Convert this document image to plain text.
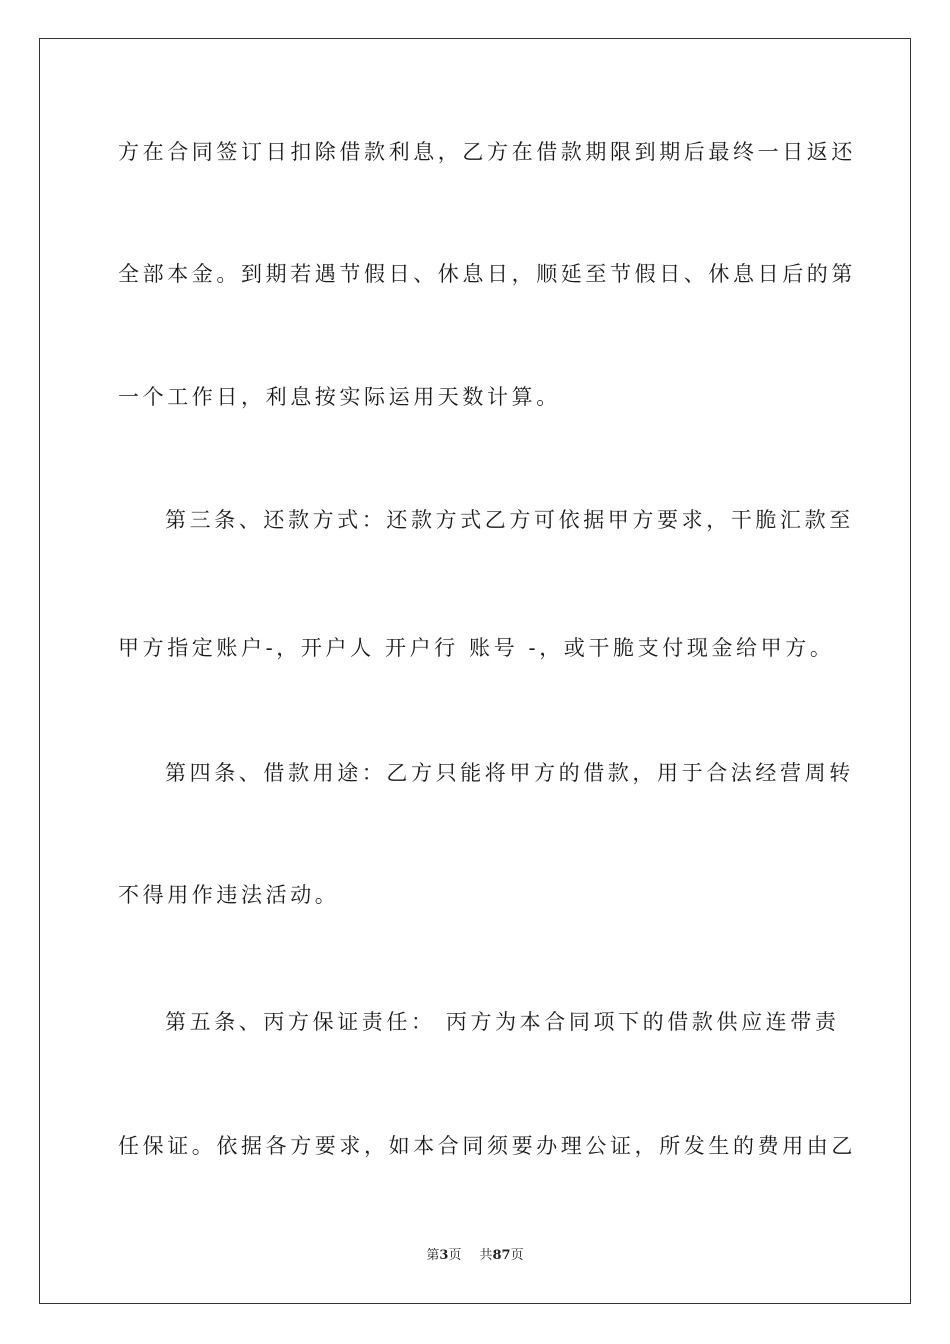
方在合同签订日扣除借款利息，乙方在借款期限到期后最终一日返还
全部本金。到期若遇节假日、休息日，顺延至节假日、休息日后的第
一个工作日，利息按实际运用天数计算。
第三条、还款方式：还款方式乙方可依据甲方要求，干脆汇款至
甲方指定账户-，开户人 开户行 账号 -，或干脆支付现金给甲方。
第四条、借款用途：乙方只能将甲方的借款，用于合法经营周转
不得用作违法活动。
第五条、丙方保证责任： 丙方为本合同项下的借款供应连带责
任保证。依据各方要求，如本合同须要办理公证，所发生的费用由乙
第3页 共87页
